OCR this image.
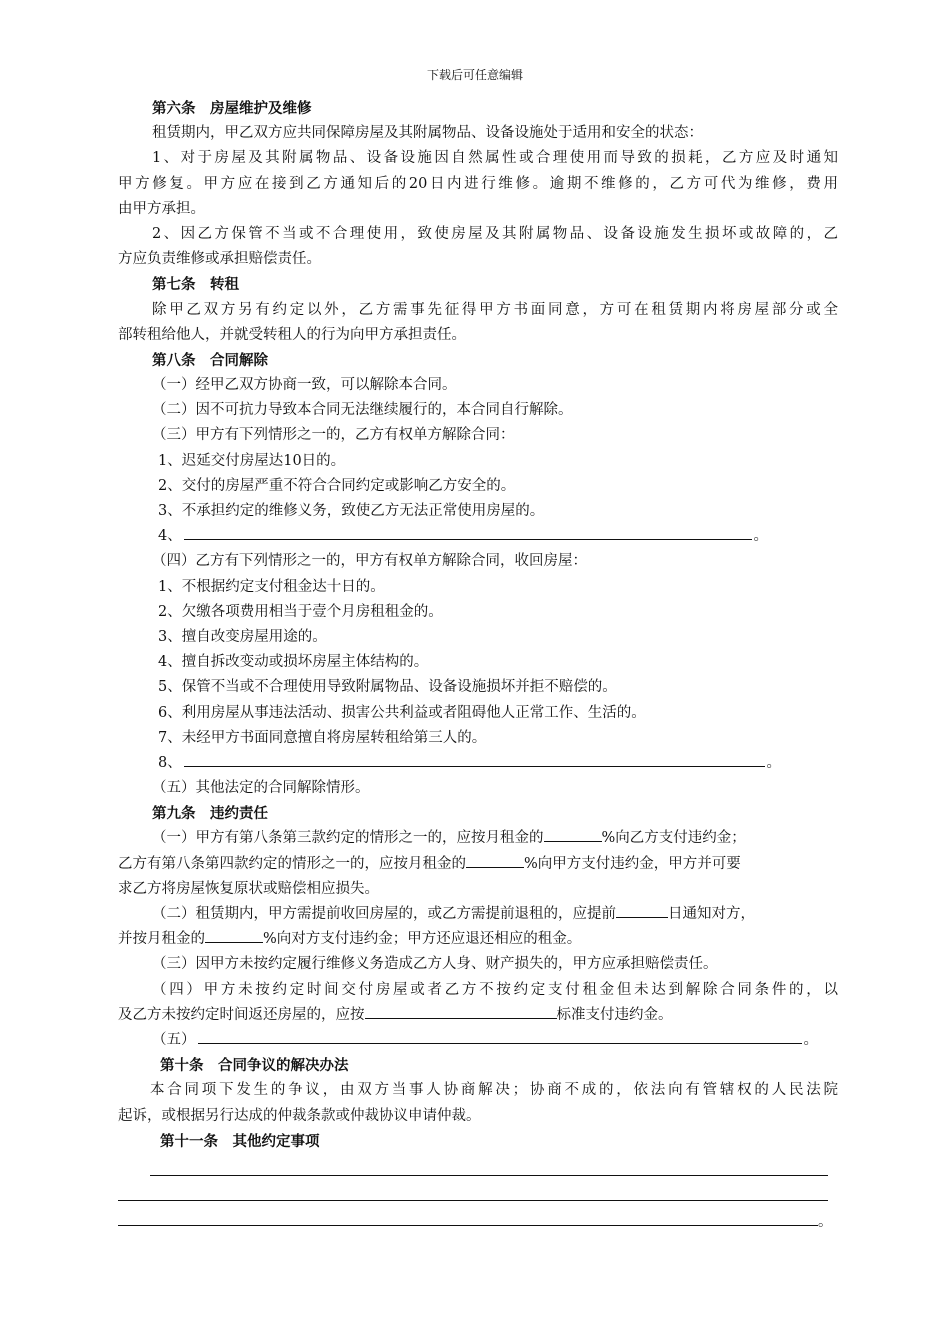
下载后可任意编辑
第六条　房屋维护及维修
租赁期内，甲乙双方应共同保障房屋及其附属物品、设备设施处于适用和安全的状态：
1、对于房屋及其附属物品、设备设施因自然属性或合理使用而导致的损耗，乙方应及时通知
甲方修复。甲方应在接到乙方通知后的20日内进行维修。逾期不维修的，乙方可代为维修，费用
由甲方承担。
2、因乙方保管不当或不合理使用，致使房屋及其附属物品、设备设施发生损坏或故障的，乙
方应负责维修或承担赔偿责任。
第七条　转租
除甲乙双方另有约定以外，乙方需事先征得甲方书面同意，方可在租赁期内将房屋部分或全
部转租给他人，并就受转租人的行为向甲方承担责任。
第八条　合同解除
（一）经甲乙双方协商一致，可以解除本合同。
（二）因不可抗力导致本合同无法继续履行的，本合同自行解除。
（三）甲方有下列情形之一的，乙方有权单方解除合同：
1、迟延交付房屋达10日的。
2、交付的房屋严重不符合合同约定或影响乙方安全的。
3、不承担约定的维修义务，致使乙方无法正常使用房屋的。
4、	。
（四）乙方有下列情形之一的，甲方有权单方解除合同，收回房屋：
1、不根据约定支付租金达十日的。
2、欠缴各项费用相当于壹个月房租租金的。
3、擅自改变房屋用途的。
4、擅自拆改变动或损坏房屋主体结构的。
5、保管不当或不合理使用导致附属物品、设备设施损坏并拒不赔偿的。
6、利用房屋从事违法活动、损害公共利益或者阻碍他人正常工作、生活的。
7、未经甲方书面同意擅自将房屋转租给第三人的。
8、	。
（五）其他法定的合同解除情形。
第九条　违约责任
（一）甲方有第八条第三款约定的情形之一的，应按月租金的	%向乙方支付违约金；
乙方有第八条第四款约定的情形之一的，应按月租金的	%向甲方支付违约金，甲方并可要
求乙方将房屋恢复原状或赔偿相应损失。
（二）租赁期内，甲方需提前收回房屋的，或乙方需提前退租的，应提前	日通知对方，
并按月租金的	%向对方支付违约金；甲方还应退还相应的租金。
（三）因甲方未按约定履行维修义务造成乙方人身、财产损失的，甲方应承担赔偿责任。
（四）甲方未按约定时间交付房屋或者乙方不按约定支付租金但未达到解除合同条件的，以
及乙方未按约定时间返还房屋的，应按	标准支付违约金。
（五）	。
第十条　合同争议的解决办法
本合同项下发生的争议，由双方当事人协商解决；协商不成的，依法向有管辖权的人民法院
起诉，或根据另行达成的仲裁条款或仲裁协议申请仲裁。
第十一条　其他约定事项
。
